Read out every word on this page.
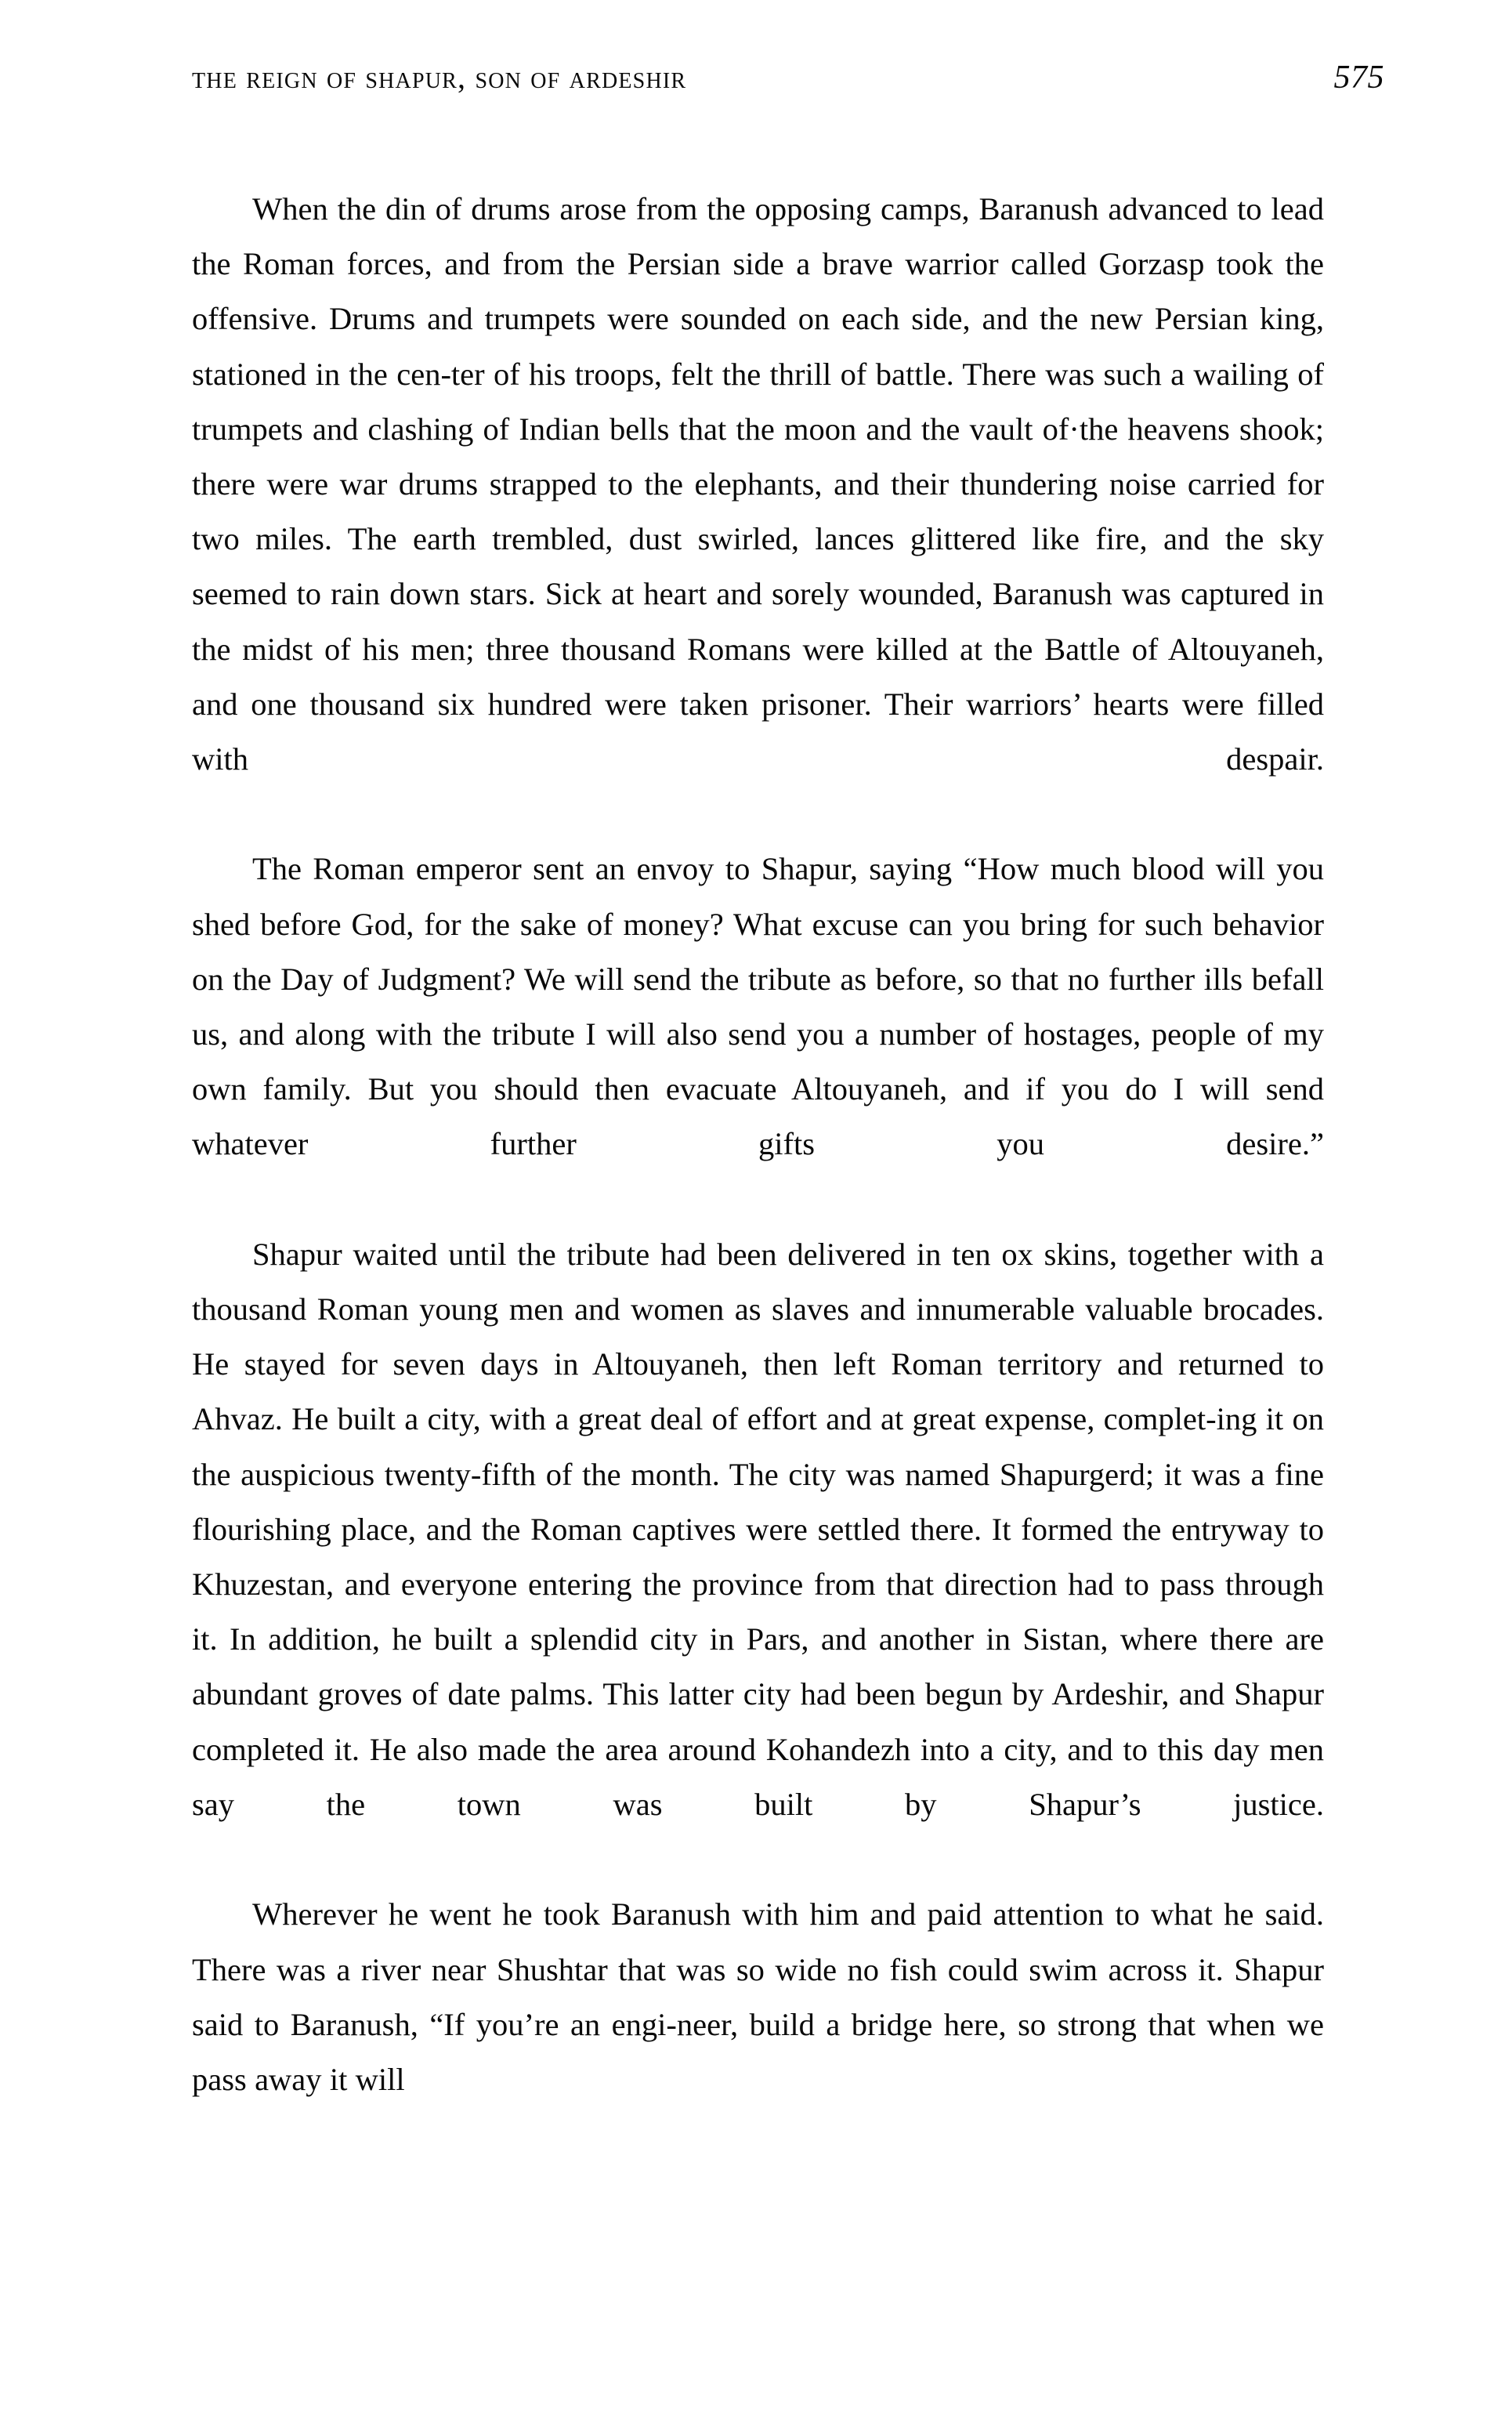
the reign of shapur, son of ardeshir	575

When the din of drums arose from the opposing camps, Baranush advanced to lead the Roman forces, and from the Persian side a brave warrior called Gorzasp took the offensive. Drums and trumpets were sounded on each side, and the new Persian king, stationed in the cen-ter of his troops, felt the thrill of battle. There was such a wailing of trumpets and clashing of Indian bells that the moon and the vault of·the heavens shook; there were war drums strapped to the elephants, and their thundering noise carried for two miles. The earth trembled, dust swirled, lances glittered like fire, and the sky seemed to rain down stars. Sick at heart and sorely wounded, Baranush was captured in the midst of his men; three thousand Romans were killed at the Battle of Altouyaneh, and one thousand six hundred were taken prisoner. Their warriors’ hearts were filled with despair.

The Roman emperor sent an envoy to Shapur, saying “How much blood will you shed before God, for the sake of money? What excuse can you bring for such behavior on the Day of Judgment? We will send the tribute as before, so that no further ills befall us, and along with the tribute I will also send you a number of hostages, people of my own family. But you should then evacuate Altouyaneh, and if you do I will send whatever further gifts you desire.”

Shapur waited until the tribute had been delivered in ten ox skins, together with a thousand Roman young men and women as slaves and innumerable valuable brocades. He stayed for seven days in Altouyaneh, then left Roman territory and returned to Ahvaz. He built a city, with a great deal of effort and at great expense, complet-ing it on the auspicious twenty-fifth of the month. The city was named Shapurgerd; it was a fine flourishing place, and the Roman captives were settled there. It formed the entryway to Khuzestan, and everyone entering the province from that direction had to pass through it. In addition, he built a splendid city in Pars, and another in Sistan, where there are abundant groves of date palms. This latter city had been begun by Ardeshir, and Shapur completed it. He also made the area around Kohandezh into a city, and to this day men say the town was built by Shapur’s justice.

Wherever he went he took Baranush with him and paid attention to what he said. There was a river near Shushtar that was so wide no fish could swim across it. Shapur said to Baranush, “If you’re an engi-neer, build a bridge here, so strong that when we pass away it will
